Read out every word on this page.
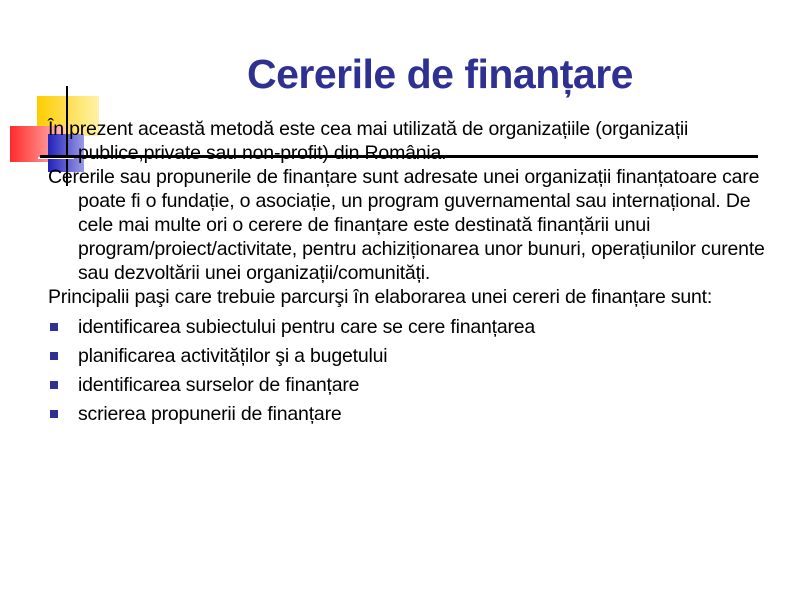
Cererile de finanțare

În prezent această metodă este cea mai utilizată de organizațiile (organizații publice,private sau non-profit) din România.

Cererile sau propunerile de finanțare sunt adresate unei organizații finanțatoare care poate fi o fundație, o asociație, un program guvernamental sau internațional. De cele mai multe ori o cerere de finanțare este destinată finanțării unui program/proiect/activitate, pentru achiziționarea unor bunuri, operațiunilor curente sau dezvoltării unei organizații/comunități.

Principalii paşi care trebuie parcurşi în elaborarea unei cereri de finanțare sunt:

identificarea subiectului pentru care se cere finanțarea
planificarea activităților şi a bugetului
identificarea surselor de finanțare
scrierea propunerii de finanțare
